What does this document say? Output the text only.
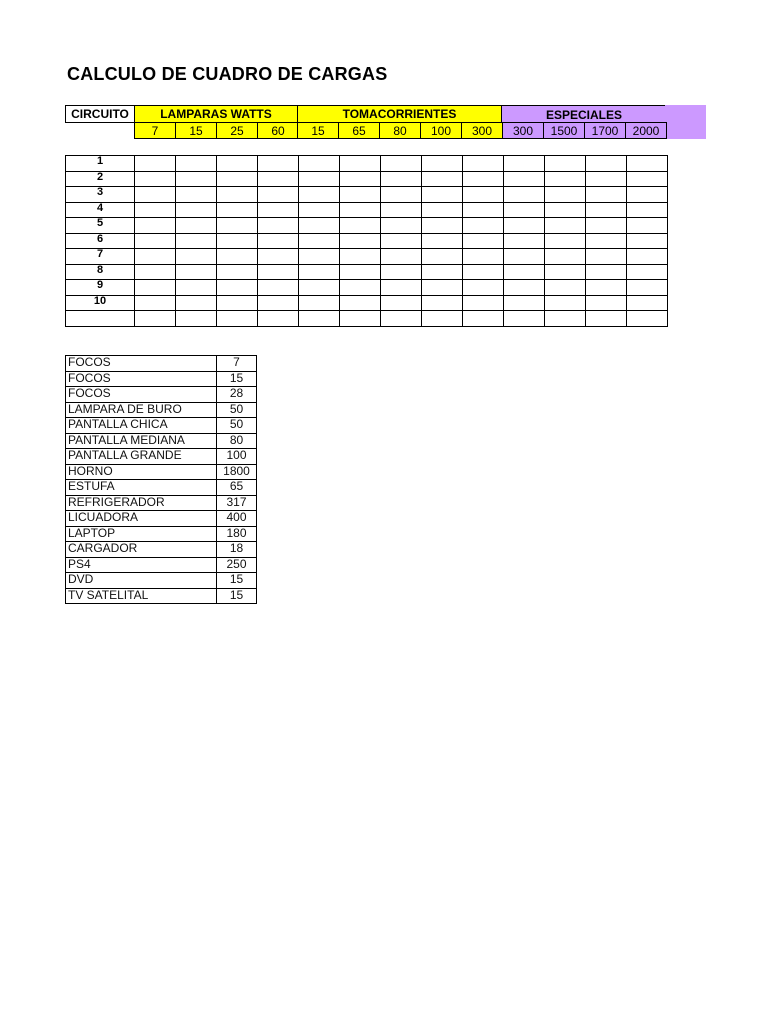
CALCULO DE CUADRO DE CARGAS
CIRCUITO	LAMPARAS WATTS	TOMACORRIENTES	ESPECIALES
7	15	25	60	15	65	80	100	300	300	1500	1700	2000
1													
2													
3													
4													
5													
6													
7													
8													
9													
10													

FOCOS	7
FOCOS	15
FOCOS	28
LAMPARA DE BURO	50
PANTALLA CHICA	50
PANTALLA MEDIANA	80
PANTALLA GRANDE	100
HORNO	1800
ESTUFA	65
REFRIGERADOR	317
LICUADORA	400
LAPTOP	180
CARGADOR	18
PS4	250
DVD	15
TV SATELITAL	15
